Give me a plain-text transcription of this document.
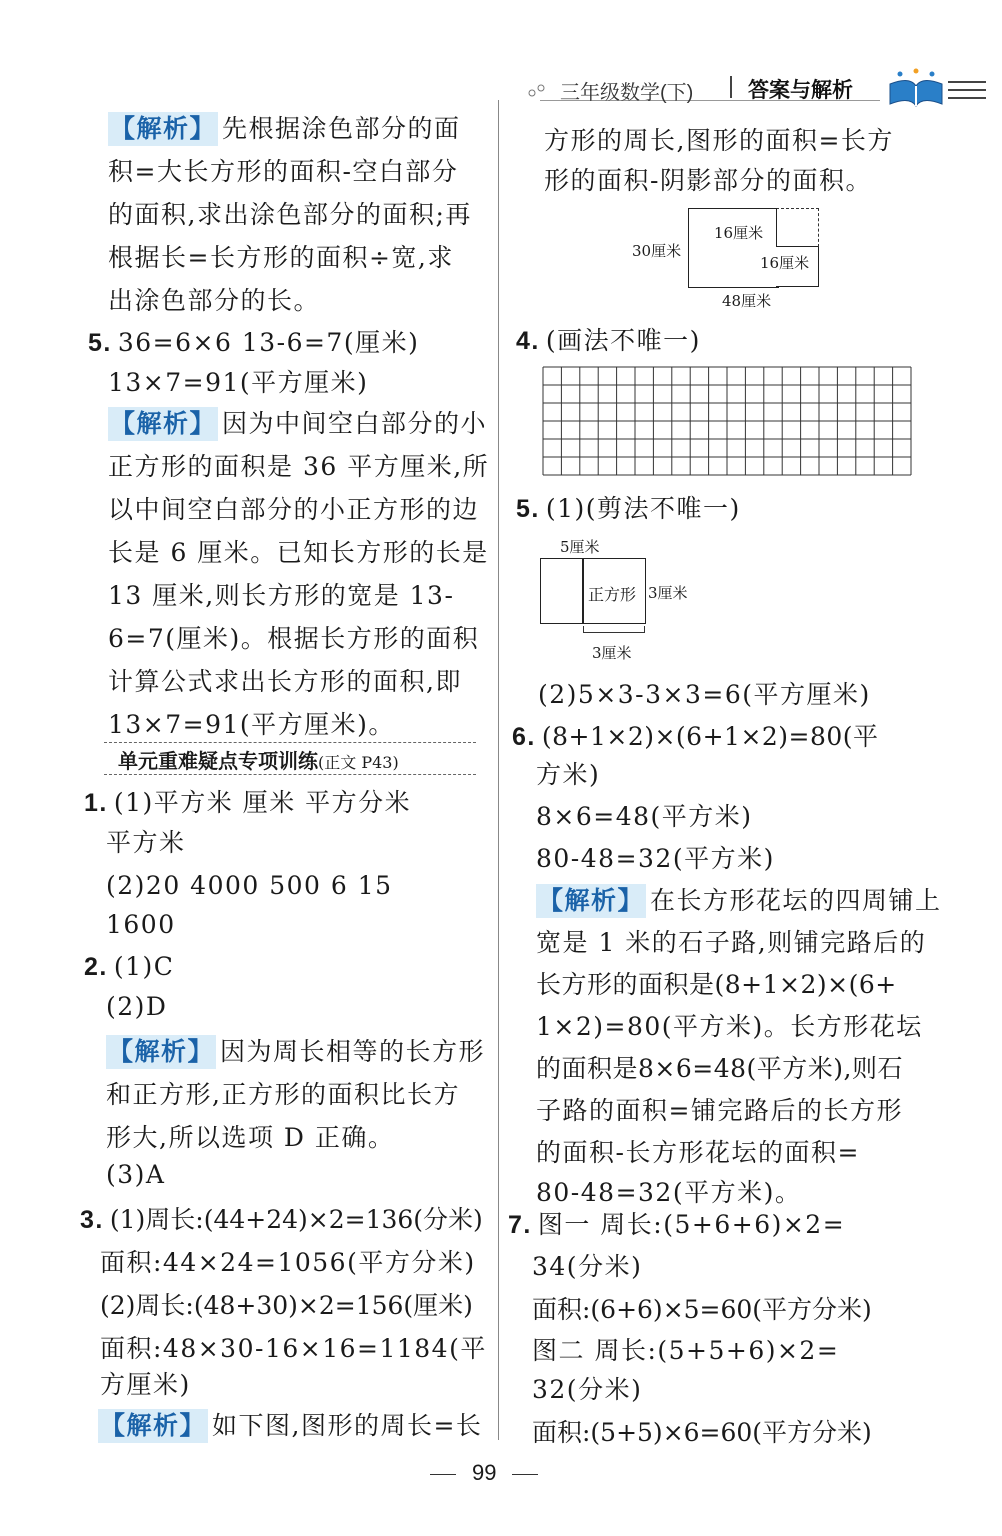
三年级数学(下)	答案与解析
【解析】 先根据涂色部分的面
积=大长方形的面积-空白部分
的面积,求出涂色部分的面积;再
根据长=长方形的面积÷宽,求
出涂色部分的长。
5. 36=6×6 13-6=7(厘米)
13×7=91(平方厘米)
【解析】 因为中间空白部分的小
正方形的面积是 36 平方厘米,所
以中间空白部分的小正方形的边
长是 6 厘米。已知长方形的长是
13 厘米,则长方形的宽是 13-
6=7(厘米)。根据长方形的面积
计算公式求出长方形的面积,即
13×7=91(平方厘米)。
单元重难疑点专项训练(正文 P43)
1. (1)平方米 厘米 平方分米
平方米
(2)20 4000 500 6 15
1600
2. (1)C
(2)D
【解析】 因为周长相等的长方形
和正方形,正方形的面积比长方
形大,所以选项 D 正确。
(3)A
3. (1)周长:(44+24)×2=136(分米)
面积:44×24=1056(平方分米)
(2)周长:(48+30)×2=156(厘米)
面积:48×30-16×16=1184(平
方厘米)
【解析】 如下图,图形的周长=长
方形的周长,图形的面积=长方
形的面积-阴影部分的面积。
16厘米
30厘米
16厘米
48厘米
4. (画法不唯一)
5. (1)(剪法不唯一)
5厘米
正方形 3厘米
3厘米
(2)5×3-3×3=6(平方厘米)
6. (8+1×2)×(6+1×2)=80(平
方米)
8×6=48(平方米)
80-48=32(平方米)
【解析】 在长方形花坛的四周铺上
宽是 1 米的石子路,则铺完路后的
长方形的面积是(8+1×2)×(6+
1×2)=80(平方米)。长方形花坛
的面积是8×6=48(平方米),则石
子路的面积=铺完路后的长方形
的面积-长方形花坛的面积=
80-48=32(平方米)。
7. 图一 周长:(5+6+6)×2=
34(分米)
面积:(6+6)×5=60(平方分米)
图二 周长:(5+5+6)×2=
32(分米)
面积:(5+5)×6=60(平方分米)
99
